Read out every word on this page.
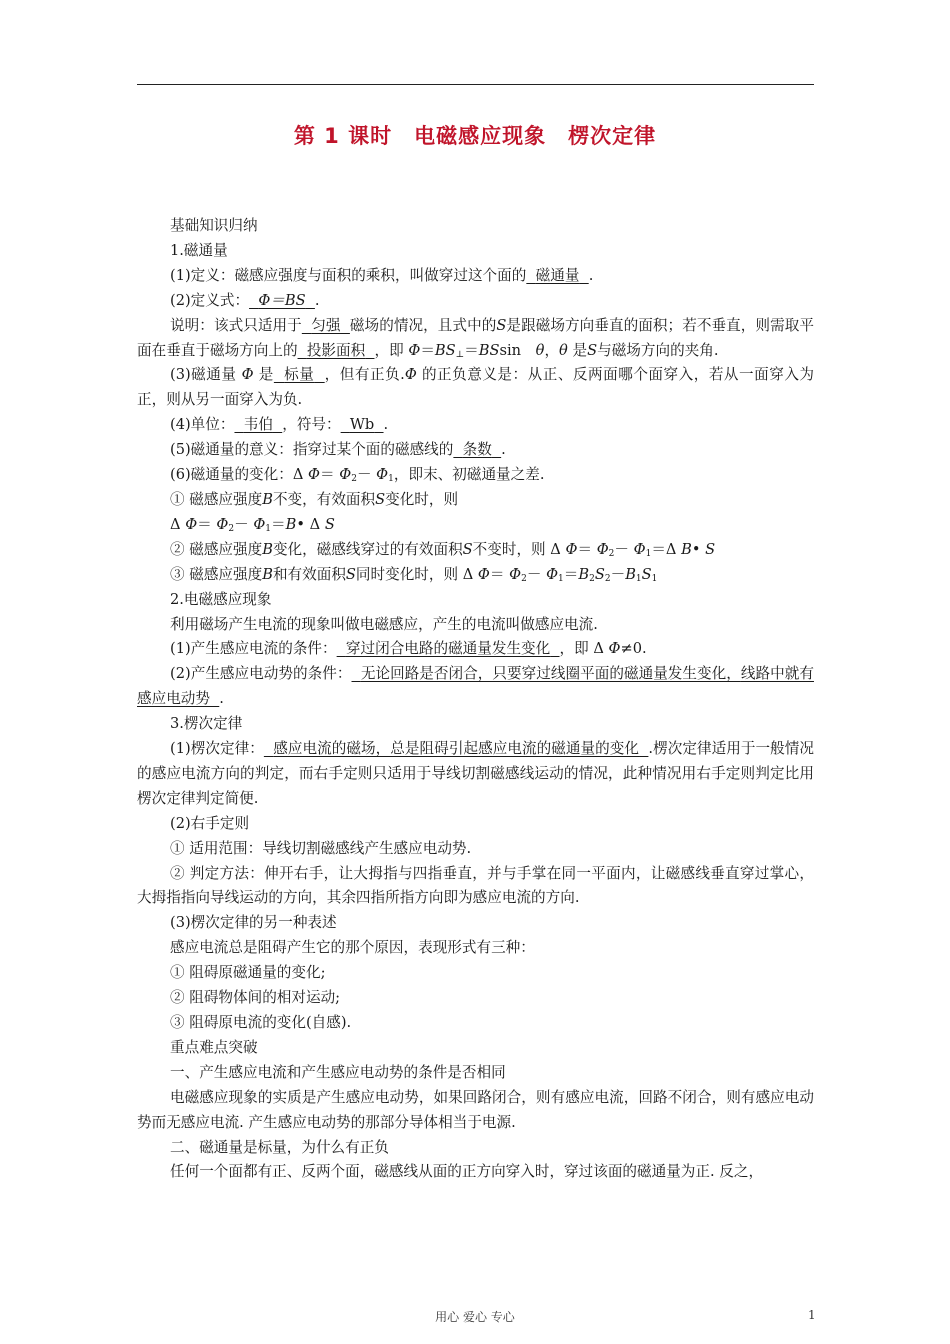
第 1 课时　电磁感应现象　楞次定律

基础知识归纳

1.磁通量

(1)定义：磁感应强度与面积的乘积，叫做穿过这个面的 磁通量 .

(2)定义式： Φ＝BS .

说明：该式只适用于 匀强 磁场的情况，且式中的S是跟磁场方向垂直的面积；若不垂直，则需取平面在垂直于磁场方向上的 投影面积 ，即 $\Phi=BS_\perp=BSsin$　 θ，θ 是S与磁场方向的夹角.

(3)磁通量 Φ 是 标量 ，但有正负.Φ 的正负意义是：从正、反两面哪个面穿入，若从一面穿入为正，则从另一面穿入为负.

(4)单位： 韦伯 ，符号： Wb .

(5)磁通量的意义：指穿过某个面的磁感线的 条数 .

(6)磁通量的变化：Δ $\Phi= \Phi_2- \Phi_1$，即末、初磁通量之差.

① 磁感应强度B不变，有效面积S变化时，则

Δ $\Phi= \Phi_2-$ $\Phi_1=B•$ Δ S

② 磁感应强度B变化，磁感线穿过的有效面积S不变时，则 Δ $\Phi= \Phi_2- \Phi_1=\Delta$ B• S

③ 磁感应强度B和有效面积S同时变化时，则 Δ $\Phi= \Phi_2- \Phi_1=B_2S_2-B_1S_1$

2.电磁感应现象

利用磁场产生电流的现象叫做电磁感应，产生的电流叫做感应电流.

(1)产生感应电流的条件： 穿过闭合电路的磁通量发生变化 ，即 Δ Φ≠0.

(2)产生感应电动势的条件： 无论回路是否闭合，只要穿过线圈平面的磁通量发生变化，线路中就有感应电动势 .

3.楞次定律

(1)楞次定律： 感应电流的磁场，总是阻碍引起感应电流的磁通量的变化 .楞次定律适用于一般情况的感应电流方向的判定，而右手定则只适用于导线切割磁感线运动的情况，此种情况用右手定则判定比用楞次定律判定简便.

(2)右手定则

① 适用范围：导线切割磁感线产生感应电动势.

② 判定方法：伸开右手，让大拇指与四指垂直，并与手掌在同一平面内，让磁感线垂直穿过掌心，大拇指指向导线运动的方向，其余四指所指方向即为感应电流的方向.

(3)楞次定律的另一种表述

感应电流总是阻碍产生它的那个原因，表现形式有三种：

① 阻碍原磁通量的变化;

② 阻碍物体间的相对运动;

③ 阻碍原电流的变化(自感).

重点难点突破

一、产生感应电流和产生感应电动势的条件是否相同

电磁感应现象的实质是产生感应电动势，如果回路闭合，则有感应电流，回路不闭合，则有感应电动势而无感应电流. 产生感应电动势的那部分导体相当于电源.

二、磁通量是标量，为什么有正负

任何一个面都有正、反两个面，磁感线从面的正方向穿入时，穿过该面的磁通量为正. 反之，

用心 爱心 专心	1
